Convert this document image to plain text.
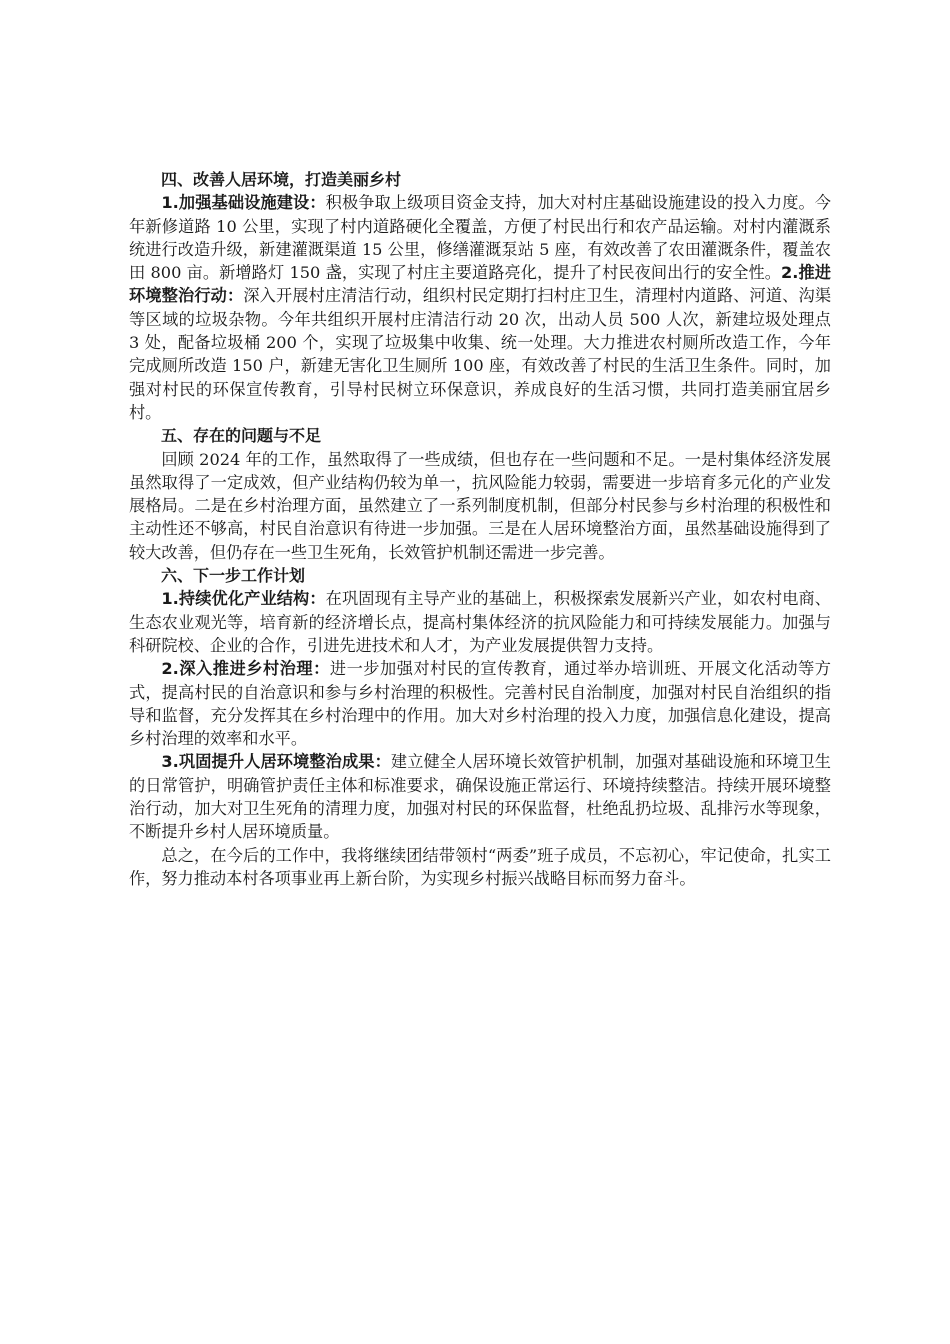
四、改善人居环境，打造美丽乡村

1.加强基础设施建设：积极争取上级项目资金支持，加大对村庄基础设施建设的投入力度。今年新修道路 10 公里，实现了村内道路硬化全覆盖，方便了村民出行和农产品运输。对村内灌溉系统进行改造升级，新建灌溉渠道 15 公里，修缮灌溉泵站 5 座，有效改善了农田灌溉条件，覆盖农田 800 亩。新增路灯 150 盏，实现了村庄主要道路亮化，提升了村民夜间出行的安全性。2.推进环境整治行动：深入开展村庄清洁行动，组织村民定期打扫村庄卫生，清理村内道路、河道、沟渠等区域的垃圾杂物。今年共组织开展村庄清洁行动 20 次，出动人员 500 人次，新建垃圾处理点 3 处，配备垃圾桶 200 个，实现了垃圾集中收集、统一处理。大力推进农村厕所改造工作，今年完成厕所改造 150 户，新建无害化卫生厕所 100 座，有效改善了村民的生活卫生条件。同时，加强对村民的环保宣传教育，引导村民树立环保意识，养成良好的生活习惯，共同打造美丽宜居乡村。

五、存在的问题与不足

回顾 2024 年的工作，虽然取得了一些成绩，但也存在一些问题和不足。一是村集体经济发展虽然取得了一定成效，但产业结构仍较为单一，抗风险能力较弱，需要进一步培育多元化的产业发展格局。二是在乡村治理方面，虽然建立了一系列制度机制，但部分村民参与乡村治理的积极性和主动性还不够高，村民自治意识有待进一步加强。三是在人居环境整治方面，虽然基础设施得到了较大改善，但仍存在一些卫生死角，长效管护机制还需进一步完善。

六、下一步工作计划

1.持续优化产业结构：在巩固现有主导产业的基础上，积极探索发展新兴产业，如农村电商、生态农业观光等，培育新的经济增长点，提高村集体经济的抗风险能力和可持续发展能力。加强与科研院校、企业的合作，引进先进技术和人才，为产业发展提供智力支持。

2.深入推进乡村治理：进一步加强对村民的宣传教育，通过举办培训班、开展文化活动等方式，提高村民的自治意识和参与乡村治理的积极性。完善村民自治制度，加强对村民自治组织的指导和监督，充分发挥其在乡村治理中的作用。加大对乡村治理的投入力度，加强信息化建设，提高乡村治理的效率和水平。

3.巩固提升人居环境整治成果：建立健全人居环境长效管护机制，加强对基础设施和环境卫生的日常管护，明确管护责任主体和标准要求，确保设施正常运行、环境持续整洁。持续开展环境整治行动，加大对卫生死角的清理力度，加强对村民的环保监督，杜绝乱扔垃圾、乱排污水等现象，不断提升乡村人居环境质量。

总之，在今后的工作中，我将继续团结带领村“两委”班子成员，不忘初心，牢记使命，扎实工作，努力推动本村各项事业再上新台阶，为实现乡村振兴战略目标而努力奋斗。
